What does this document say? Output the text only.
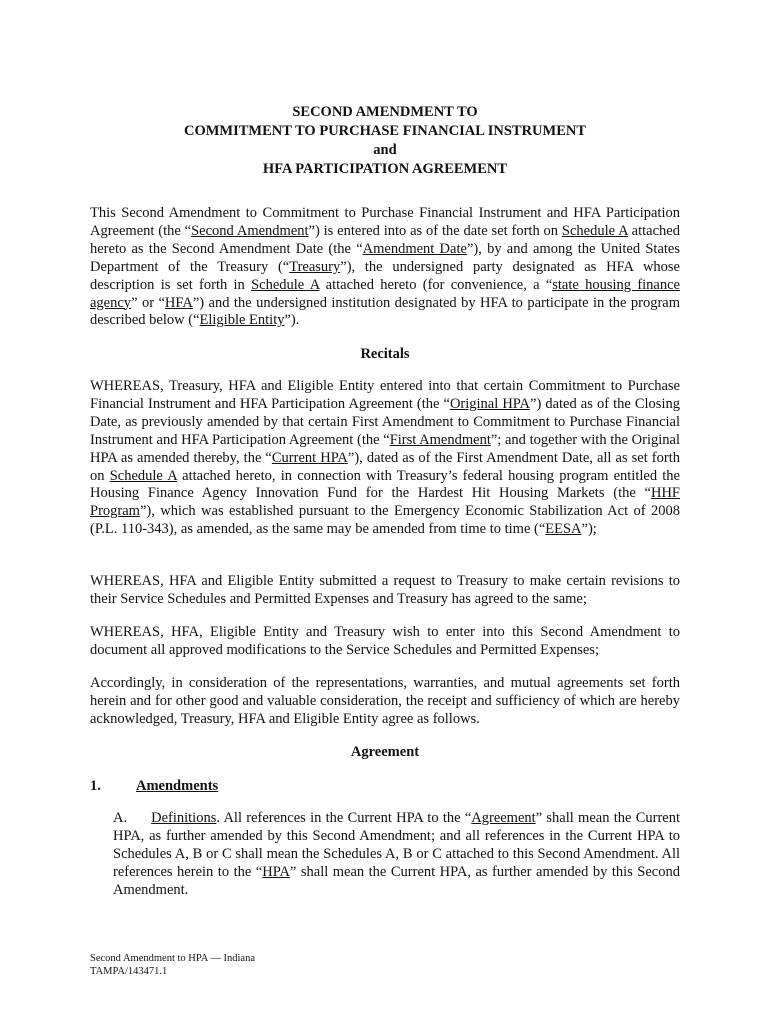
SECOND AMENDMENT TO
COMMITMENT TO PURCHASE FINANCIAL INSTRUMENT
and
HFA PARTICIPATION AGREEMENT
This Second Amendment to Commitment to Purchase Financial Instrument and HFA Participation Agreement (the “Second Amendment”) is entered into as of the date set forth on Schedule A attached hereto as the Second Amendment Date (the “Amendment Date”), by and among the United States Department of the Treasury (“Treasury”), the undersigned party designated as HFA whose description is set forth in Schedule A attached hereto (for convenience, a “state housing finance agency” or “HFA”) and the undersigned institution designated by HFA to participate in the program described below (“Eligible Entity”).
Recitals
WHEREAS, Treasury, HFA and Eligible Entity entered into that certain Commitment to Purchase Financial Instrument and HFA Participation Agreement (the “Original HPA”) dated as of the Closing Date, as previously amended by that certain First Amendment to Commitment to Purchase Financial Instrument and HFA Participation Agreement (the “First Amendment”; and together with the Original HPA as amended thereby, the “Current HPA”), dated as of the First Amendment Date, all as set forth on Schedule A attached hereto, in connection with Treasury’s federal housing program entitled the Housing Finance Agency Innovation Fund for the Hardest Hit Housing Markets (the “HHF Program”), which was established pursuant to the Emergency Economic Stabilization Act of 2008 (P.L. 110-343), as amended, as the same may be amended from time to time (“EESA”);
WHEREAS, HFA and Eligible Entity submitted a request to Treasury to make certain revisions to their Service Schedules and Permitted Expenses and Treasury has agreed to the same;
WHEREAS, HFA, Eligible Entity and Treasury wish to enter into this Second Amendment to document all approved modifications to the Service Schedules and Permitted Expenses;
Accordingly, in consideration of the representations, warranties, and mutual agreements set forth herein and for other good and valuable consideration, the receipt and sufficiency of which are hereby acknowledged, Treasury, HFA and Eligible Entity agree as follows.
Agreement
1. Amendments
A. Definitions. All references in the Current HPA to the “Agreement” shall mean the Current HPA, as further amended by this Second Amendment; and all references in the Current HPA to Schedules A, B or C shall mean the Schedules A, B or C attached to this Second Amendment. All references herein to the “HPA” shall mean the Current HPA, as further amended by this Second Amendment.
Second Amendment to HPA — Indiana
TAMPA/143471.1
